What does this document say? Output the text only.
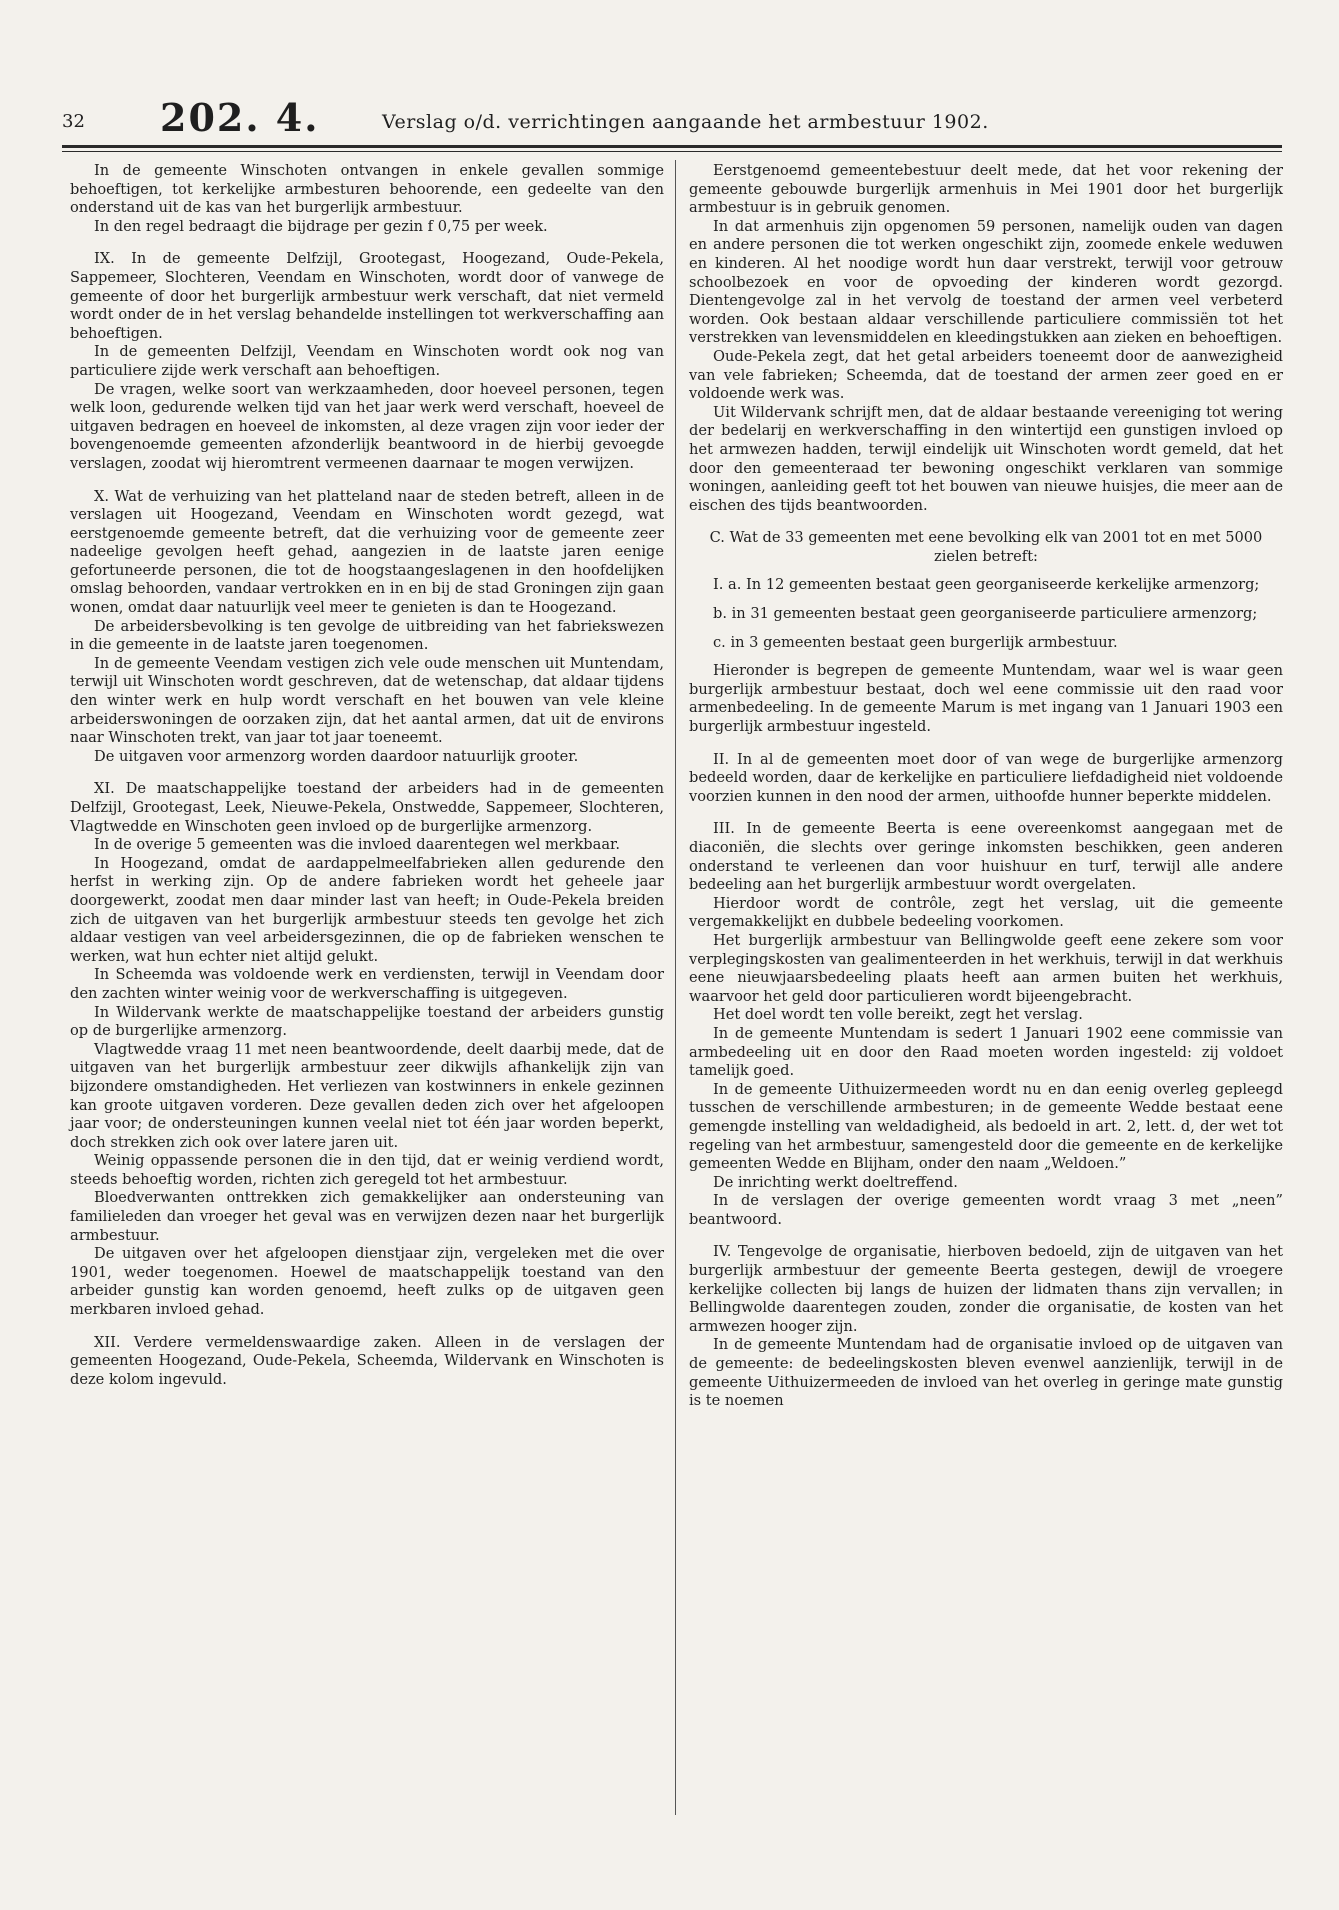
32 202. 4.	Verslag o/d. verrichtingen aangaande het armbestuur 1902.

In de gemeente Winschoten ontvangen in enkele gevallen sommige behoeftigen, tot kerkelijke armbesturen behoorende, een gedeelte van den onderstand uit de kas van het burgerlijk armbestuur.

In den regel bedraagt die bijdrage per gezin f 0,75 per week.

IX. In de gemeente Delfzijl, Grootegast, Hoogezand, Oude-Pekela, Sappemeer, Slochteren, Veendam en Winschoten, wordt door of vanwege de gemeente of door het burgerlijk armbestuur werk verschaft, dat niet vermeld wordt onder de in het verslag behandelde instellingen tot werkverschaffing aan behoeftigen.

In de gemeenten Delfzijl, Veendam en Winschoten wordt ook nog van particuliere zijde werk verschaft aan behoeftigen.

De vragen, welke soort van werkzaamheden, door hoeveel personen, tegen welk loon, gedurende welken tijd van het jaar werk werd verschaft, hoeveel de uitgaven bedragen en hoeveel de inkomsten, al deze vragen zijn voor ieder der bovengenoemde gemeenten afzonderlijk beantwoord in de hierbij gevoegde verslagen, zoodat wij hieromtrent vermeenen daarnaar te mogen verwijzen.

X. Wat de verhuizing van het platteland naar de steden betreft, alleen in de verslagen uit Hoogezand, Veendam en Winschoten wordt gezegd, wat eerstgenoemde gemeente betreft, dat die verhuizing voor de gemeente zeer nadeelige gevolgen heeft gehad, aangezien in de laatste jaren eenige gefortuneerde personen, die tot de hoogstaangeslagenen in den hoofdelijken omslag behoorden, vandaar vertrokken en in en bij de stad Groningen zijn gaan wonen, omdat daar natuurlijk veel meer te genieten is dan te Hoogezand.

De arbeidersbevolking is ten gevolge de uitbreiding van het fabriekswezen in die gemeente in de laatste jaren toegenomen.

In de gemeente Veendam vestigen zich vele oude menschen uit Muntendam, terwijl uit Winschoten wordt geschreven, dat de wetenschap, dat aldaar tijdens den winter werk en hulp wordt verschaft en het bouwen van vele kleine arbeiderswoningen de oorzaken zijn, dat het aantal armen, dat uit de environs naar Winschoten trekt, van jaar tot jaar toeneemt.

De uitgaven voor armenzorg worden daardoor natuurlijk grooter.

XI. De maatschappelijke toestand der arbeiders had in de gemeenten Delfzijl, Grootegast, Leek, Nieuwe-Pekela, Onstwedde, Sappemeer, Slochteren, Vlagtwedde en Winschoten geen invloed op de burgerlijke armenzorg.

In de overige 5 gemeenten was die invloed daarentegen wel merkbaar.

In Hoogezand, omdat de aardappelmeelfabrieken allen gedurende den herfst in werking zijn. Op de andere fabrieken wordt het geheele jaar doorgewerkt, zoodat men daar minder last van heeft; in Oude-Pekela breiden zich de uitgaven van het burgerlijk armbestuur steeds ten gevolge het zich aldaar vestigen van veel arbeidersgezinnen, die op de fabrieken wenschen te werken, wat hun echter niet altijd gelukt.

In Scheemda was voldoende werk en verdiensten, terwijl in Veendam door den zachten winter weinig voor de werkverschaffing is uitgegeven.

In Wildervank werkte de maatschappelijke toestand der arbeiders gunstig op de burgerlijke armenzorg.

Vlagtwedde vraag 11 met neen beantwoordende, deelt daarbij mede, dat de uitgaven van het burgerlijk armbestuur zeer dikwijls afhankelijk zijn van bijzondere omstandigheden. Het verliezen van kostwinners in enkele gezinnen kan groote uitgaven vorderen. Deze gevallen deden zich over het afgeloopen jaar voor; de ondersteuningen kunnen veelal niet tot één jaar worden beperkt, doch strekken zich ook over latere jaren uit.

Weinig oppassende personen die in den tijd, dat er weinig verdiend wordt, steeds behoeftig worden, richten zich geregeld tot het armbestuur.

Bloedverwanten onttrekken zich gemakkelijker aan ondersteuning van familieleden dan vroeger het geval was en verwijzen dezen naar het burgerlijk armbestuur.

De uitgaven over het afgeloopen dienstjaar zijn, vergeleken met die over 1901, weder toegenomen. Hoewel de maatschappelijk toestand van den arbeider gunstig kan worden genoemd, heeft zulks op de uitgaven geen merkbaren invloed gehad.

XII. Verdere vermeldenswaardige zaken. Alleen in de verslagen der gemeenten Hoogezand, Oude-Pekela, Scheemda, Wildervank en Winschoten is deze kolom ingevuld.

Eerstgenoemd gemeentebestuur deelt mede, dat het voor rekening der gemeente gebouwde burgerlijk armenhuis in Mei 1901 door het burgerlijk armbestuur is in gebruik genomen.

In dat armenhuis zijn opgenomen 59 personen, namelijk ouden van dagen en andere personen die tot werken ongeschikt zijn, zoomede enkele weduwen en kinderen. Al het noodige wordt hun daar verstrekt, terwijl voor getrouw schoolbezoek en voor de opvoeding der kinderen wordt gezorgd. Dientengevolge zal in het vervolg de toestand der armen veel verbeterd worden. Ook bestaan aldaar verschillende particuliere commissiën tot het verstrekken van levensmiddelen en kleedingstukken aan zieken en behoeftigen.

Oude-Pekela zegt, dat het getal arbeiders toeneemt door de aanwezigheid van vele fabrieken; Scheemda, dat de toestand der armen zeer goed en er voldoende werk was.

Uit Wildervank schrijft men, dat de aldaar bestaande vereeniging tot wering der bedelarij en werkverschaffing in den wintertijd een gunstigen invloed op het armwezen hadden, terwijl eindelijk uit Winschoten wordt gemeld, dat het door den gemeenteraad ter bewoning ongeschikt verklaren van sommige woningen, aanleiding geeft tot het bouwen van nieuwe huisjes, die meer aan de eischen des tijds beantwoorden.

C. Wat de 33 gemeenten met eene bevolking elk van 2001 tot en met 5000 zielen betreft:

I. a. In 12 gemeenten bestaat geen georganiseerde kerkelijke armenzorg;

b. in 31 gemeenten bestaat geen georganiseerde particuliere armenzorg;

c. in 3 gemeenten bestaat geen burgerlijk armbestuur.

Hieronder is begrepen de gemeente Muntendam, waar wel is waar geen burgerlijk armbestuur bestaat, doch wel eene commissie uit den raad voor armenbedeeling. In de gemeente Marum is met ingang van 1 Januari 1903 een burgerlijk armbestuur ingesteld.

II. In al de gemeenten moet door of van wege de burgerlijke armenzorg bedeeld worden, daar de kerkelijke en particuliere liefdadigheid niet voldoende voorzien kunnen in den nood der armen, uithoofde hunner beperkte middelen.

III. In de gemeente Beerta is eene overeenkomst aangegaan met de diaconiën, die slechts over geringe inkomsten beschikken, geen anderen onderstand te verleenen dan voor huishuur en turf, terwijl alle andere bedeeling aan het burgerlijk armbestuur wordt overgelaten.

Hierdoor wordt de contrôle, zegt het verslag, uit die gemeente vergemakkelijkt en dubbele bedeeling voorkomen.

Het burgerlijk armbestuur van Bellingwolde geeft eene zekere som voor verplegingskosten van gealimenteerden in het werkhuis, terwijl in dat werkhuis eene nieuwjaarsbedeeling plaats heeft aan armen buiten het werkhuis, waarvoor het geld door particulieren wordt bijeengebracht.

Het doel wordt ten volle bereikt, zegt het verslag.

In de gemeente Muntendam is sedert 1 Januari 1902 eene commissie van armbedeeling uit en door den Raad moeten worden ingesteld: zij voldoet tamelijk goed.

In de gemeente Uithuizermeeden wordt nu en dan eenig overleg gepleegd tusschen de verschillende armbesturen; in de gemeente Wedde bestaat eene gemengde instelling van weldadigheid, als bedoeld in art. 2, lett. d, der wet tot regeling van het armbestuur, samengesteld door die gemeente en de kerkelijke gemeenten Wedde en Blijham, onder den naam „Weldoen.”

De inrichting werkt doeltreffend.

In de verslagen der overige gemeenten wordt vraag 3 met „neen” beantwoord.

IV. Tengevolge de organisatie, hierboven bedoeld, zijn de uitgaven van het burgerlijk armbestuur der gemeente Beerta gestegen, dewijl de vroegere kerkelijke collecten bij langs de huizen der lidmaten thans zijn vervallen; in Bellingwolde daarentegen zouden, zonder die organisatie, de kosten van het armwezen hooger zijn.

In de gemeente Muntendam had de organisatie invloed op de uitgaven van de gemeente: de bedeelingskosten bleven evenwel aanzienlijk, terwijl in de gemeente Uithuizermeeden de invloed van het overleg in geringe mate gunstig is te noemen
